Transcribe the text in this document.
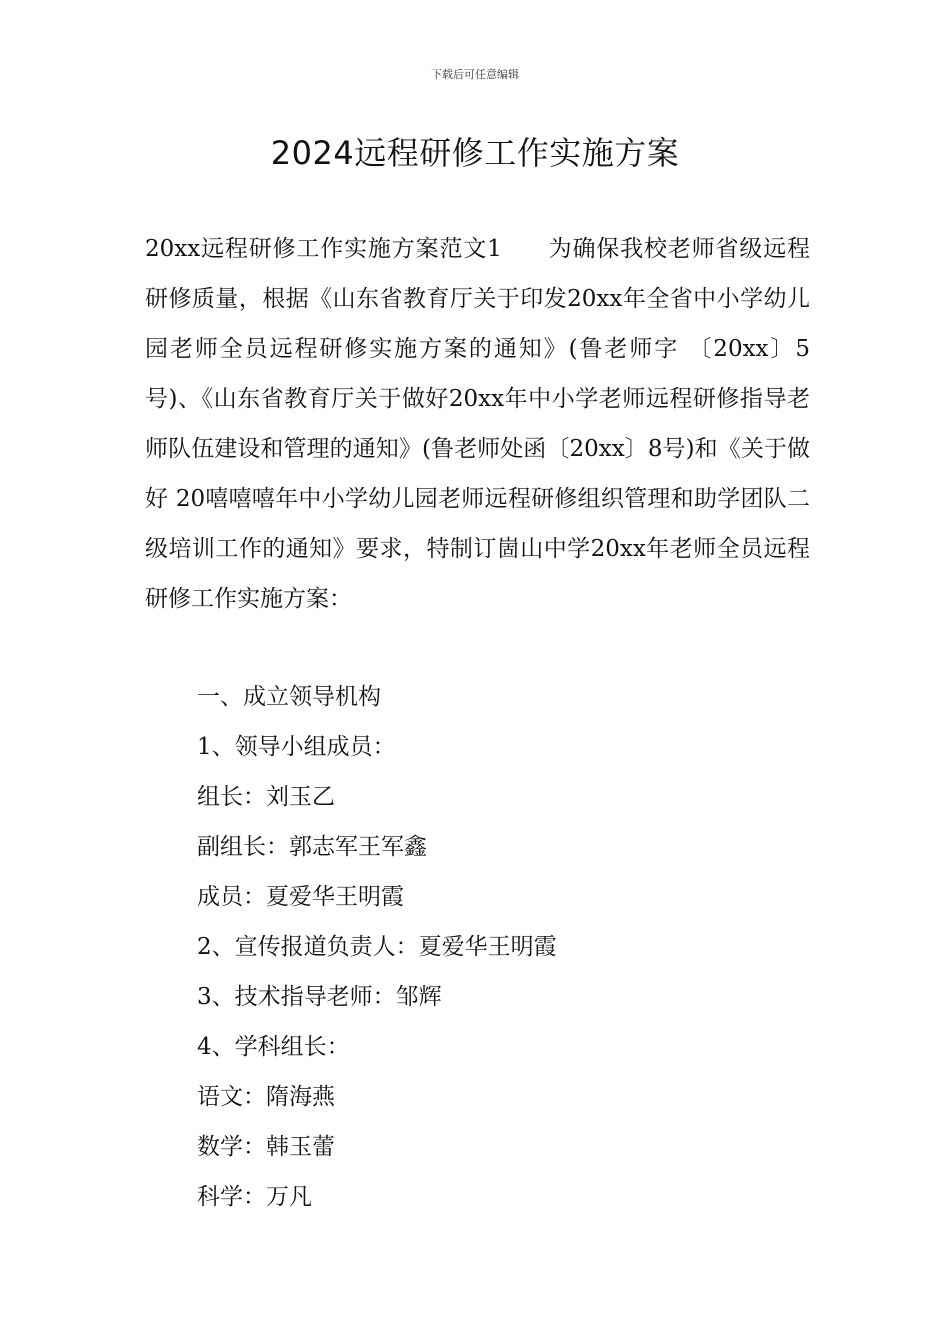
下载后可任意编辑
2024远程研修工作实施方案

20xx远程研修工作实施方案范文1 为确保我校老师省级远程研修质量，根据《山东省教育厅关于印发20xx年全省中小学幼儿园老师全员远程研修实施方案的通知》(鲁老师字 〔20xx〕5号)、《山东省教育厅关于做好20xx年中小学老师远程研修指导老师队伍建设和管理的通知》(鲁老师处函〔20xx〕8号)和《关于做好 20嘻嘻嘻年中小学幼儿园老师远程研修组织管理和助学团队二级培训工作的通知》要求，特制订崮山中学20xx年老师全员远程研修工作实施方案：

一、成立领导机构
1、领导小组成员：
组长：刘玉乙
副组长：郭志军王军鑫
成员：夏爱华王明霞
2、宣传报道负责人：夏爱华王明霞
3、技术指导老师：邹辉
4、学科组长：
语文：隋海燕
数学：韩玉蕾
科学：万凡
